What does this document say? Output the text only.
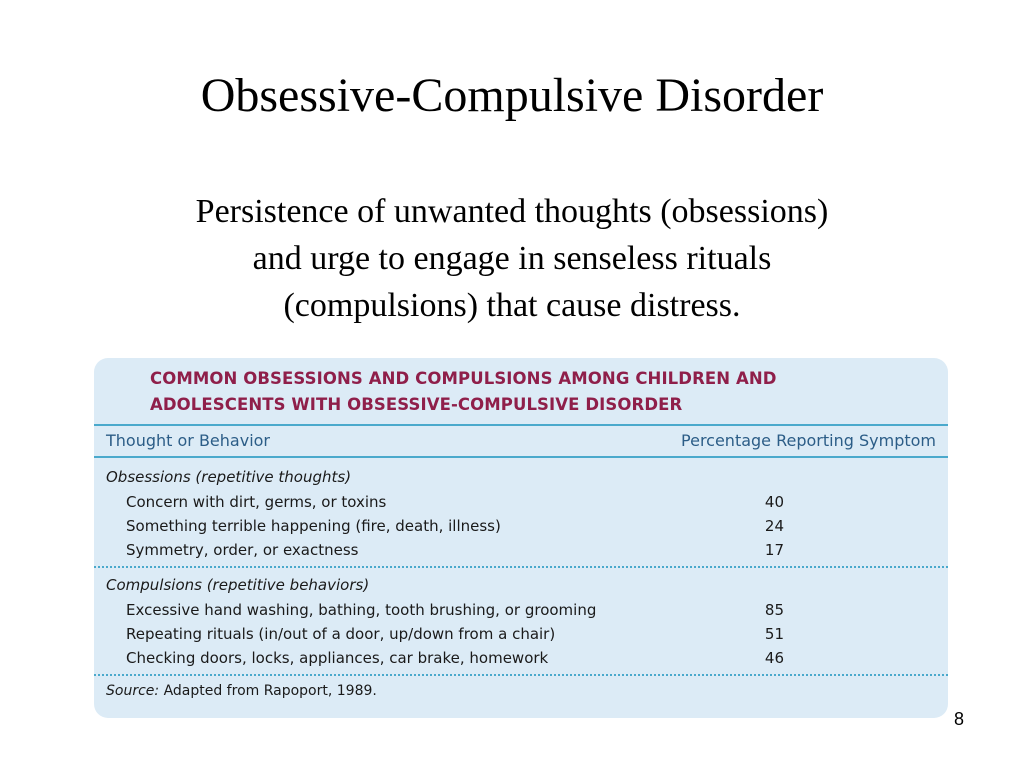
Obsessive-Compulsive Disorder
Persistence of unwanted thoughts (obsessions)
and urge to engage in senseless rituals
(compulsions) that cause distress.
COMMON OBSESSIONS AND COMPULSIONS AMONG CHILDREN AND
ADOLESCENTS WITH OBSESSIVE-COMPULSIVE DISORDER
Thought or Behavior	Percentage Reporting Symptom
Obsessions (repetitive thoughts)
Concern with dirt, germs, or toxins	40
Something terrible happening (fire, death, illness)	24
Symmetry, order, or exactness	17
Compulsions (repetitive behaviors)
Excessive hand washing, bathing, tooth brushing, or grooming	85
Repeating rituals (in/out of a door, up/down from a chair)	51
Checking doors, locks, appliances, car brake, homework	46
Source: Adapted from Rapoport, 1989.
8
